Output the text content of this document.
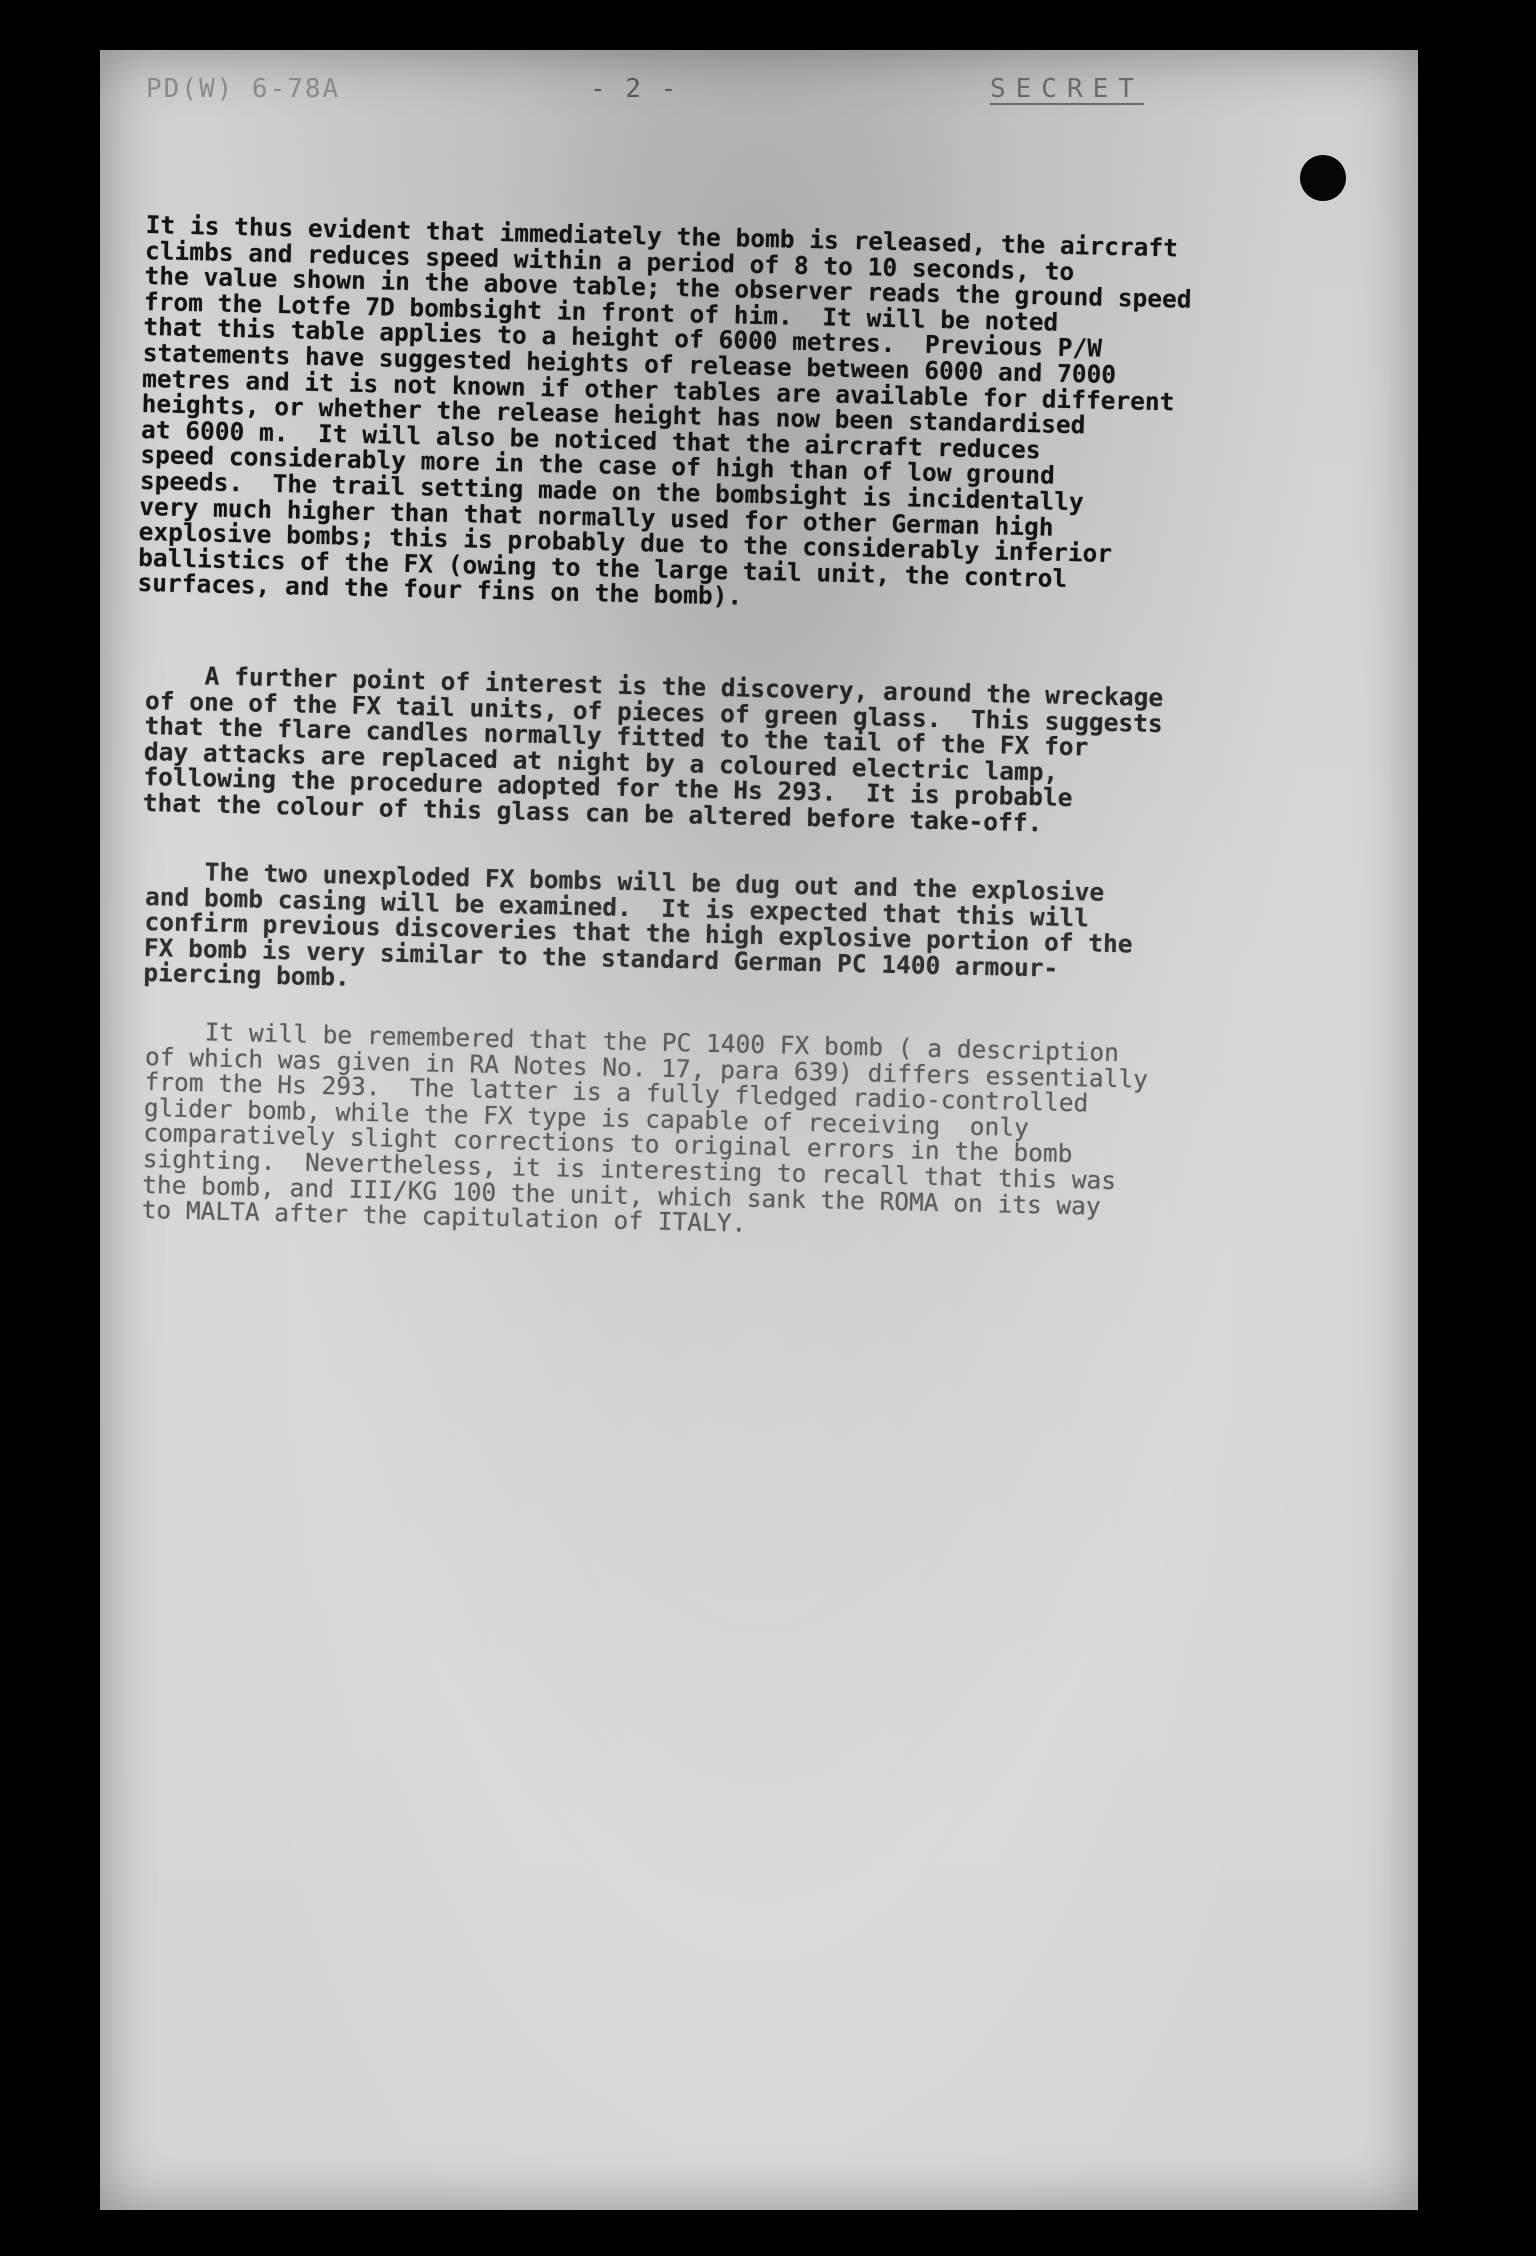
PD(W) 6-78A	- 2 -	SECRET

It is thus evident that immediately the bomb is released, the aircraft
climbs and reduces speed within a period of 8 to 10 seconds, to
the value shown in the above table; the observer reads the ground speed
from the Lotfe 7D bombsight in front of him.  It will be noted
that this table applies to a height of 6000 metres.  Previous P/W
statements have suggested heights of release between 6000 and 7000
metres and it is not known if other tables are available for different
heights, or whether the release height has now been standardised
at 6000 m.  It will also be noticed that the aircraft reduces
speed considerably more in the case of high than of low ground
speeds.  The trail setting made on the bombsight is incidentally
very much higher than that normally used for other German high
explosive bombs; this is probably due to the considerably inferior
ballistics of the FX (owing to the large tail unit, the control
surfaces, and the four fins on the bomb).

A further point of interest is the discovery, around the wreckage
of one of the FX tail units, of pieces of green glass.  This suggests
that the flare candles normally fitted to the tail of the FX for
day attacks are replaced at night by a coloured electric lamp,
following the procedure adopted for the Hs 293.  It is probable
that the colour of this glass can be altered before take-off.

The two unexploded FX bombs will be dug out and the explosive
and bomb casing will be examined.  It is expected that this will
confirm previous discoveries that the high explosive portion of the
FX bomb is very similar to the standard German PC 1400 armour-
piercing bomb.

It will be remembered that the PC 1400 FX bomb ( a description
of which was given in RA Notes No. 17, para 639) differs essentially
from the Hs 293.  The latter is a fully fledged radio-controlled
glider bomb, while the FX type is capable of receiving  only
comparatively slight corrections to original errors in the bomb
sighting.  Nevertheless, it is interesting to recall that this was
the bomb, and III/KG 100 the unit, which sank the ROMA on its way
to MALTA after the capitulation of ITALY.
